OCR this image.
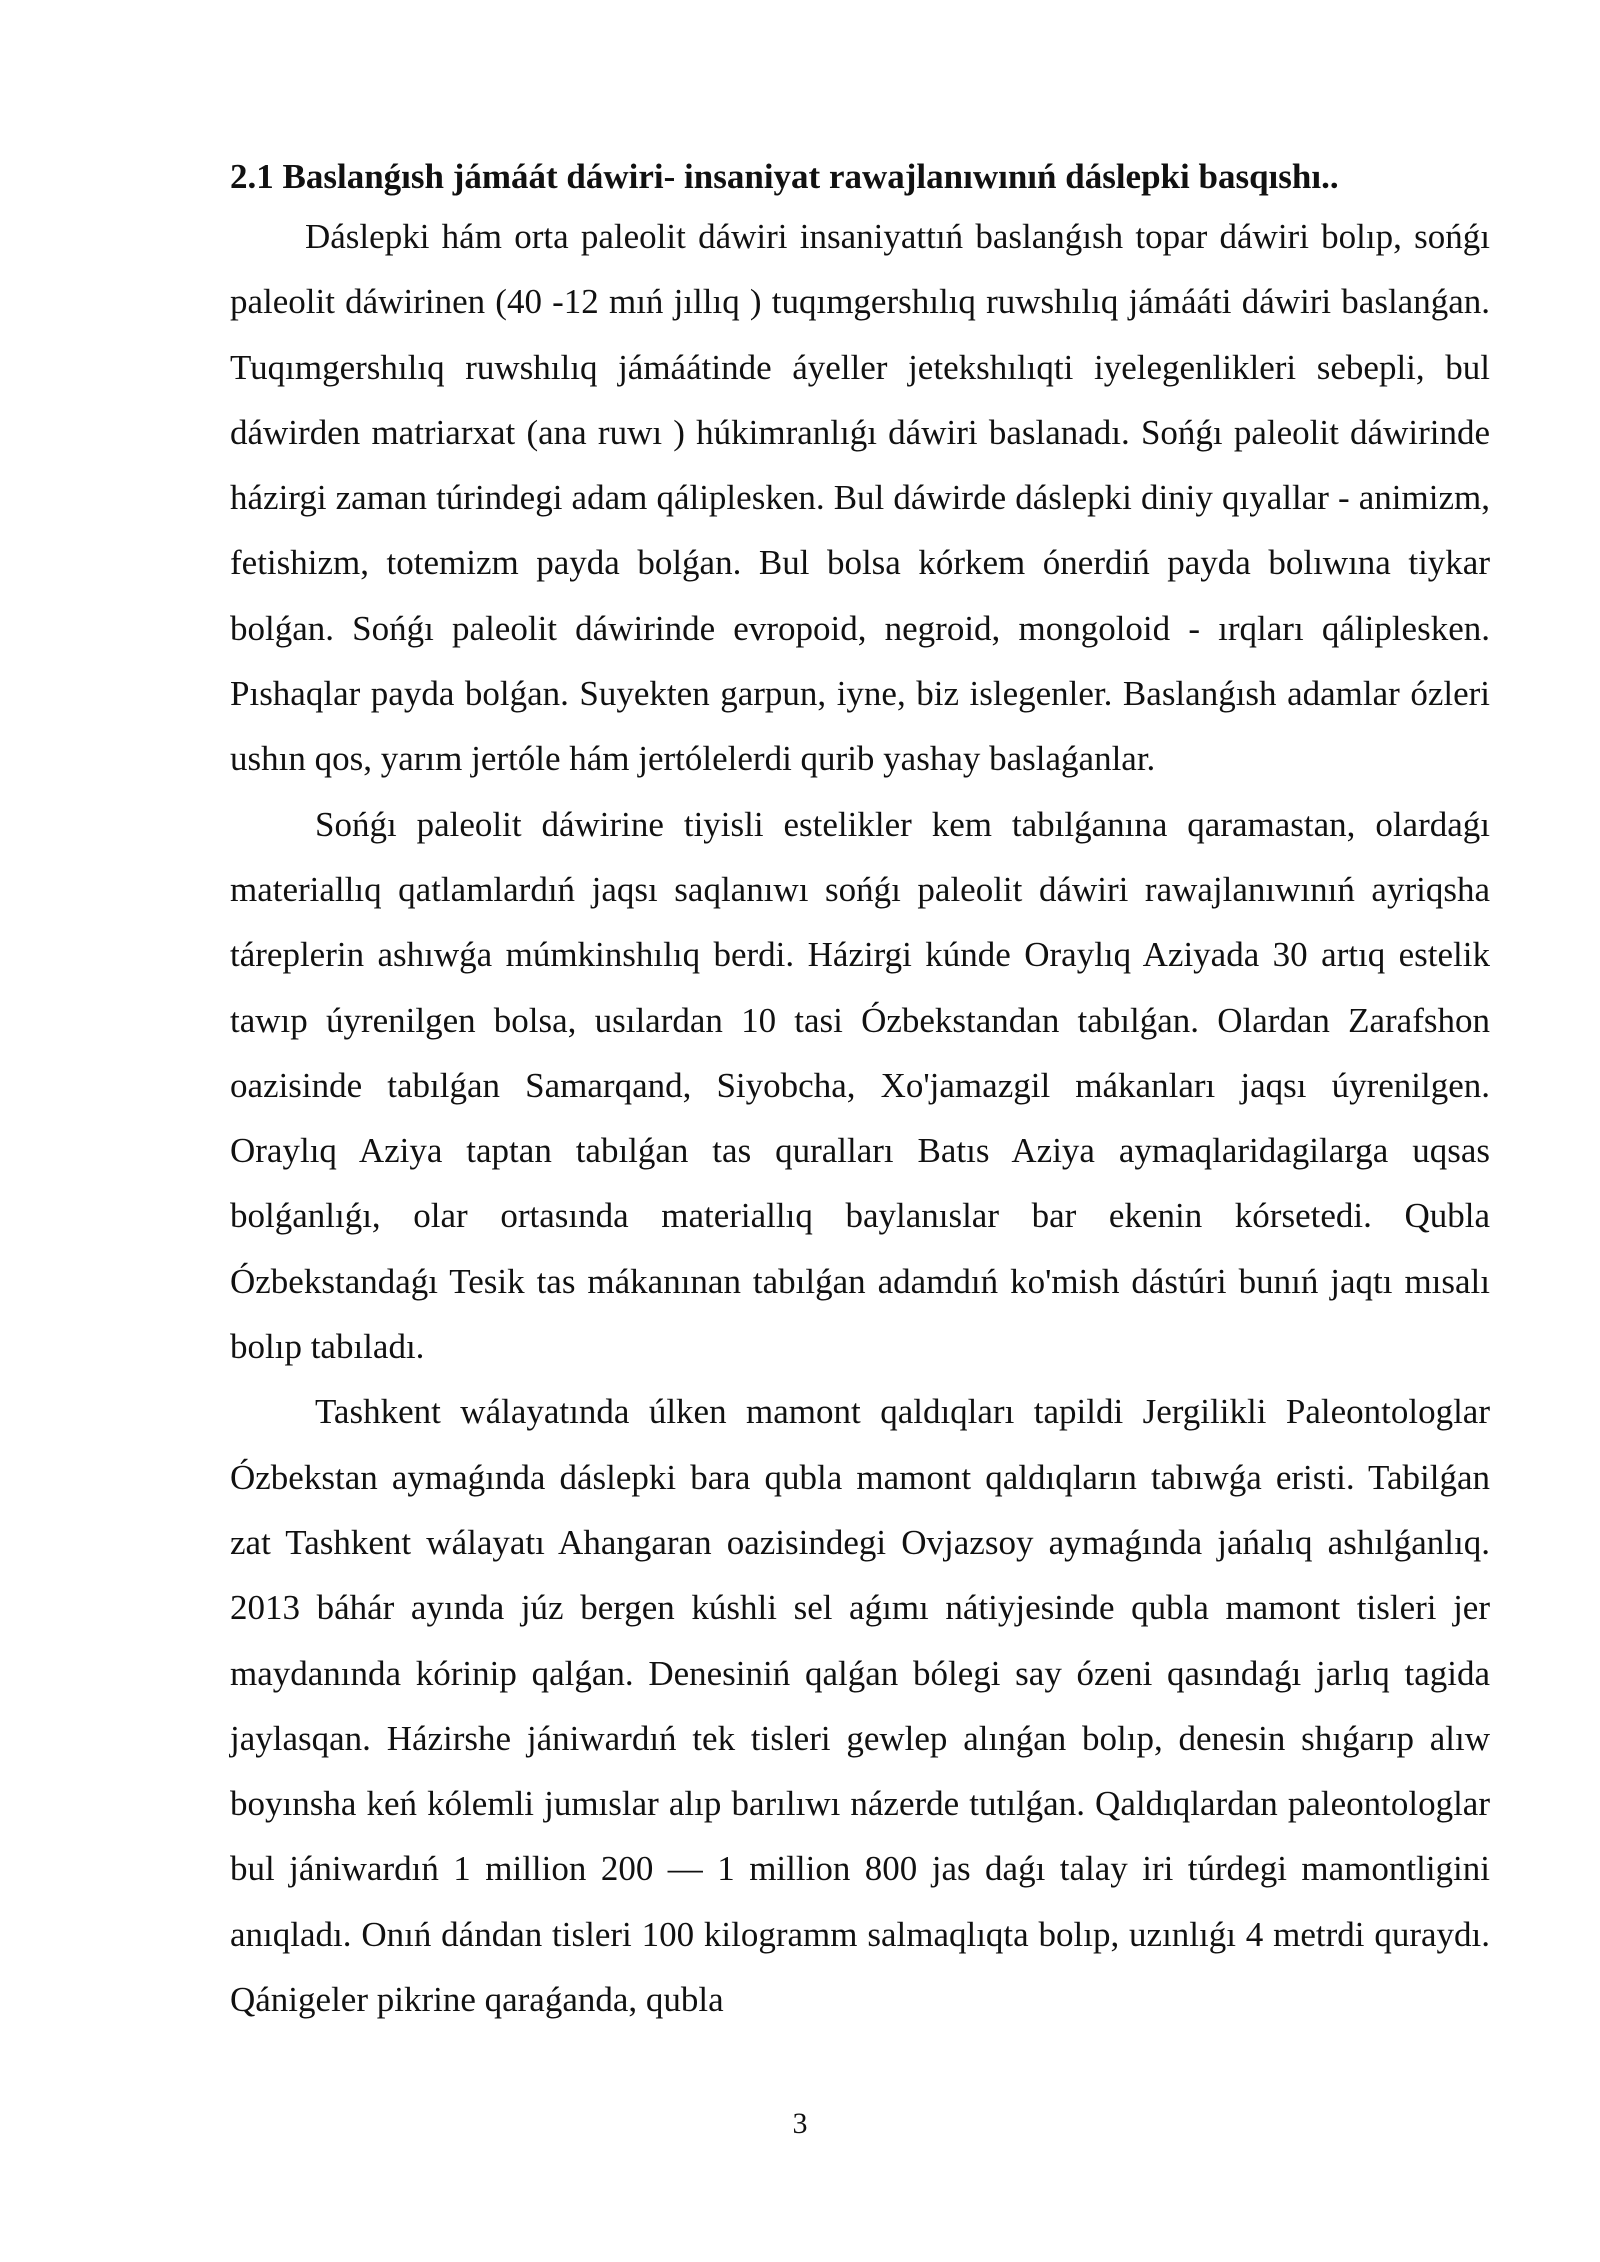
2.1 Baslanǵısh jámáát dáwiri- insaniyat rawajlanıwınıń dáslepki basqıshı..

Dáslepki hám orta paleolit dáwiri insaniyattıń baslanǵısh topar dáwiri bolıp, sońǵı paleolit dáwirinen (40 -12 mıń jıllıq ) tuqımgershılıq ruwshılıq jámááti dáwiri baslanǵan. Tuqımgershılıq ruwshılıq jámáátinde áyeller jetekshılıqti iyelegenlikleri sebepli, bul dáwirden matriarxat (ana ruwı ) húkimranlıǵı dáwiri baslanadı. Sońǵı paleolit dáwirinde házirgi zaman túrindegi adam qáliplesken. Bul dáwirde dáslepki diniy qıyallar - animizm, fetishizm, totemizm payda bolǵan. Bul bolsa kórkem ónerdiń payda bolıwına tiykar bolǵan. Sońǵı paleolit dáwirinde evropoid, negroid, mongoloid - ırqları qáliplesken. Pıshaqlar payda bolǵan. Suyekten garpun, iyne, biz islegenler. Baslanǵısh adamlar ózleri ushın qos, yarım jertóle hám jertólelerdi qurib yashay baslaǵanlar.

Sońǵı paleolit dáwirine tiyisli estelikler kem tabılǵanına qaramastan, olardaǵı materiallıq qatlamlardıń jaqsı saqlanıwı sońǵı paleolit dáwiri rawajlanıwınıń ayriqsha táreplerin ashıwǵa múmkinshılıq berdi. Házirgi kúnde Oraylıq Aziyada 30 artıq estelik tawıp úyrenilgen bolsa, usılardan 10 tasi Ózbekstandan tabılǵan. Olardan Zarafshon oazisinde tabılǵan Samarqand, Siyobcha, Xo'jamazgil mákanları jaqsı úyrenilgen. Oraylıq Aziya taptan tabılǵan tas quralları Batıs Aziya aymaqlaridagilarga uqsas bolǵanlıǵı, olar ortasında materiallıq baylanıslar bar ekenin kórsetedi. Qubla Ózbekstandaǵı Tesik tas mákanınan tabılǵan adamdıń ko'mish dástúri bunıń jaqtı mısalı bolıp tabıladı.

Tashkent wálayatında úlken mamont qaldıqları tapildi Jergilikli Paleontologlar Ózbekstan aymaǵında dáslepki bara qubla mamont qaldıqların tabıwǵa eristi. Tabilǵan zat Tashkent wálayatı Ahangaran oazisindegi Ovjazsoy aymaǵında jańalıq ashılǵanlıq. 2013 báhár ayında júz bergen kúshli sel aǵımı nátiyjesinde qubla mamont tisleri jer maydanında kórinip qalǵan. Denesiniń qalǵan bólegi say ózeni qasındaǵı jarlıq tagida jaylasqan. Házirshe jániwardıń tek tisleri gewlep alınǵan bolıp, denesin shıǵarıp alıw boyınsha keń kólemli jumıslar alıp barılıwı názerde tutılǵan. Qaldıqlardan paleontologlar bul jániwardıń 1 million 200 — 1 million 800 jas daǵı talay iri túrdegi mamontligini anıqladı. Onıń dándan tisleri 100 kilogramm salmaqlıqta bolıp, uzınlıǵı 4 metrdi quraydı. Qánigeler pikrine qaraǵanda, qubla

3
